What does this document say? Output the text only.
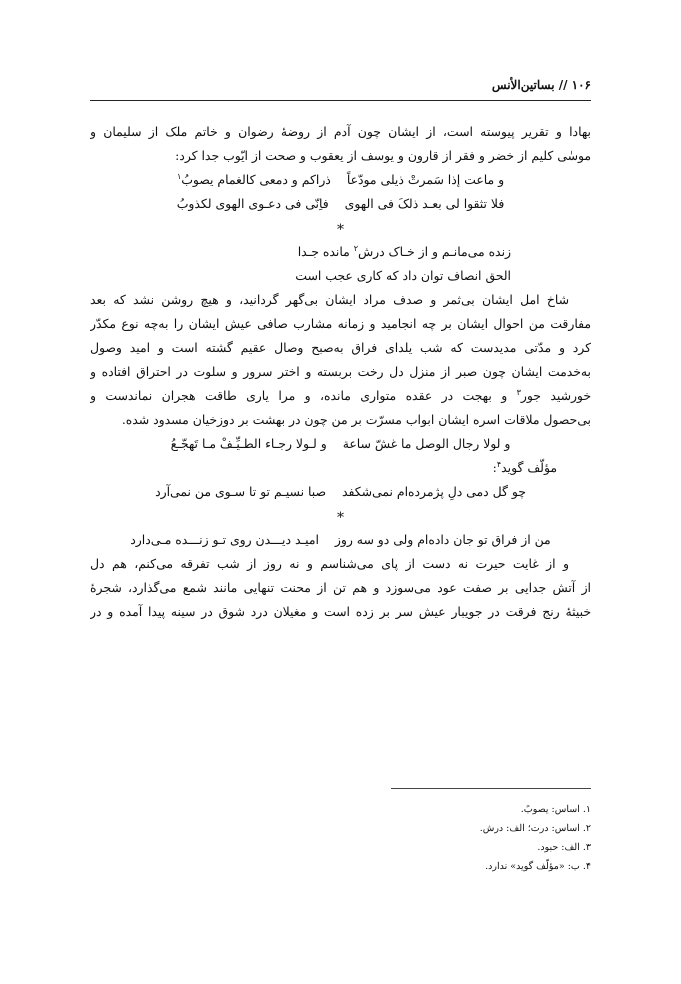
۱۰۶ // بساتين‌الأنس
بهادا و تقریر پیوسته است، از ایشان چون آدم از روضهٔ رضوان و خاتم ملک از سلیمان و
موسٰی کلیم از خضر و فقر از قارون و یوسف از یعقوب و صحت از ایّوب جدا کرد:
و ماعت إذا سَمرتْ ذیلی مودّعاًذراکم و دمعی کالغمام یصوبُ$^۱$
فلا تثقوا لی بعـد ذلکَ فی الهویفاِنّی فی دعـوی الهوی لکذوبُ
*
زنده می‌مانـم و از خـاک درش$^۲$ مانده جـدا
الحق انصاف توان داد که کاری عجب است
شاخ امل ایشان بی‌ثمر و صدف مراد ایشان بی‌گهر گردانید، و هیچ روشن نشد که بعد
مفارقت من احوال ایشان بر چه انجامید و زمانه مشارب صافی عیش ایشان را به‌چه نوع مکدّر
کرد و مدّتی مدیدست که شب یلدای فراق به‌صبح وصال عقیم گشته است و امید وصول
به‌خدمت ایشان چون صبر از منزل دل رخت بربسته و اختر سرور و سلوت در احتراق افتاده و
خورشید جور$^۳$ و بهجت در عقده متواری مانده، و مرا یاری طاقت هجران نماندست و
بی‌حصول ملاقات اسره ایشان ابواب مسرّت بر من چون در بهشت بر دوزخیان مسدود شده.
و لولا رجال الوصل ما غشّ ساعةو لـولا رجـاء الطـیِّـفْ مـا تَهجّـعُ
مؤلّف گوید$^۴$:
چو گل دمی دلِ پژمرده‌ام نمی‌شکفدصبا نسیـم تو تا سـوی من نمی‌آرد
*
من از فراق تو جان داده‌ام ولی دو سه روزامیـد دیـــدن روی تـو زنـــده مـی‌دارد
و از غایت حیرت نه دست از پای می‌شناسم و نه روز از شب تفرقه می‌کنم، هم دل
از آتش جدایی بر صفت عود می‌سوزد و هم تن از محنت تنهایی مانند شمع می‌گذارد، شجرهٔ
خبیثهٔ رنج فرقت در جویبار عیش سر بر زده است و مغیلان درد شوق در سینه پیدا آمده و در
۱. اساس: یصوبً.
۲. اساس: درت؛ الف: درش.
۳. الف: حبود.
۴. ب: «مؤلّف گوید» ندارد.
